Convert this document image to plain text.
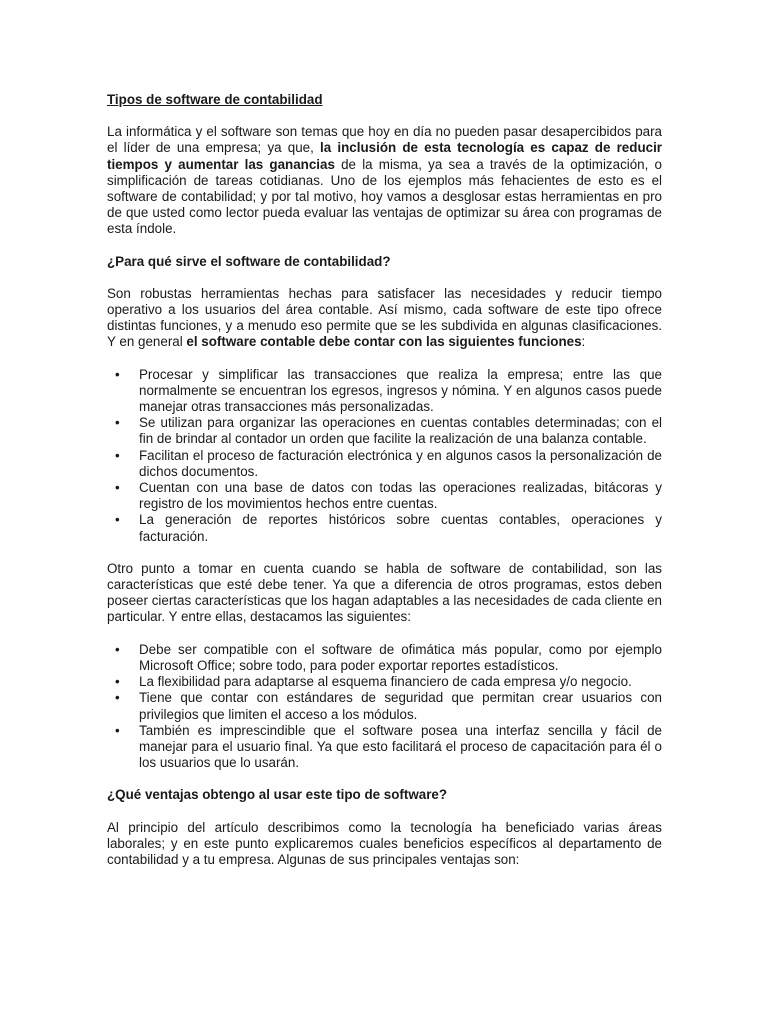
Tipos de software de contabilidad

La informática y el software son temas que hoy en día no pueden pasar desapercibidos para el líder de una empresa; ya que, la inclusión de esta tecnología es capaz de reducir tiempos y aumentar las ganancias de la misma, ya sea a través de la optimización, o simplificación de tareas cotidianas. Uno de los ejemplos más fehacientes de esto es el software de contabilidad; y por tal motivo, hoy vamos a desglosar estas herramientas en pro de que usted como lector pueda evaluar las ventajas de optimizar su área con programas de esta índole.

¿Para qué sirve el software de contabilidad?

Son robustas herramientas hechas para satisfacer las necesidades y reducir tiempo operativo a los usuarios del área contable. Así mismo, cada software de este tipo ofrece distintas funciones, y a menudo eso permite que se les subdivida en algunas clasificaciones. Y en general el software contable debe contar con las siguientes funciones:

• Procesar y simplificar las transacciones que realiza la empresa; entre las que normalmente se encuentran los egresos, ingresos y nómina. Y en algunos casos puede manejar otras transacciones más personalizadas.
• Se utilizan para organizar las operaciones en cuentas contables determinadas; con el fin de brindar al contador un orden que facilite la realización de una balanza contable.
• Facilitan el proceso de facturación electrónica y en algunos casos la personalización de dichos documentos.
• Cuentan con una base de datos con todas las operaciones realizadas, bitácoras y registro de los movimientos hechos entre cuentas.
• La generación de reportes históricos sobre cuentas contables, operaciones y facturación.

Otro punto a tomar en cuenta cuando se habla de software de contabilidad, son las características que esté debe tener. Ya que a diferencia de otros programas, estos deben poseer ciertas características que los hagan adaptables a las necesidades de cada cliente en particular. Y entre ellas, destacamos las siguientes:

• Debe ser compatible con el software de ofimática más popular, como por ejemplo Microsoft Office; sobre todo, para poder exportar reportes estadísticos.
• La flexibilidad para adaptarse al esquema financiero de cada empresa y/o negocio.
• Tiene que contar con estándares de seguridad que permitan crear usuarios con privilegios que limiten el acceso a los módulos.
• También es imprescindible que el software posea una interfaz sencilla y fácil de manejar para el usuario final. Ya que esto facilitará el proceso de capacitación para él o los usuarios que lo usarán.
¿Qué ventajas obtengo al usar este tipo de software?

Al principio del artículo describimos como la tecnología ha beneficiado varias áreas laborales; y en este punto explicaremos cuales beneficios específicos al departamento de contabilidad y a tu empresa. Algunas de sus principales ventajas son:
